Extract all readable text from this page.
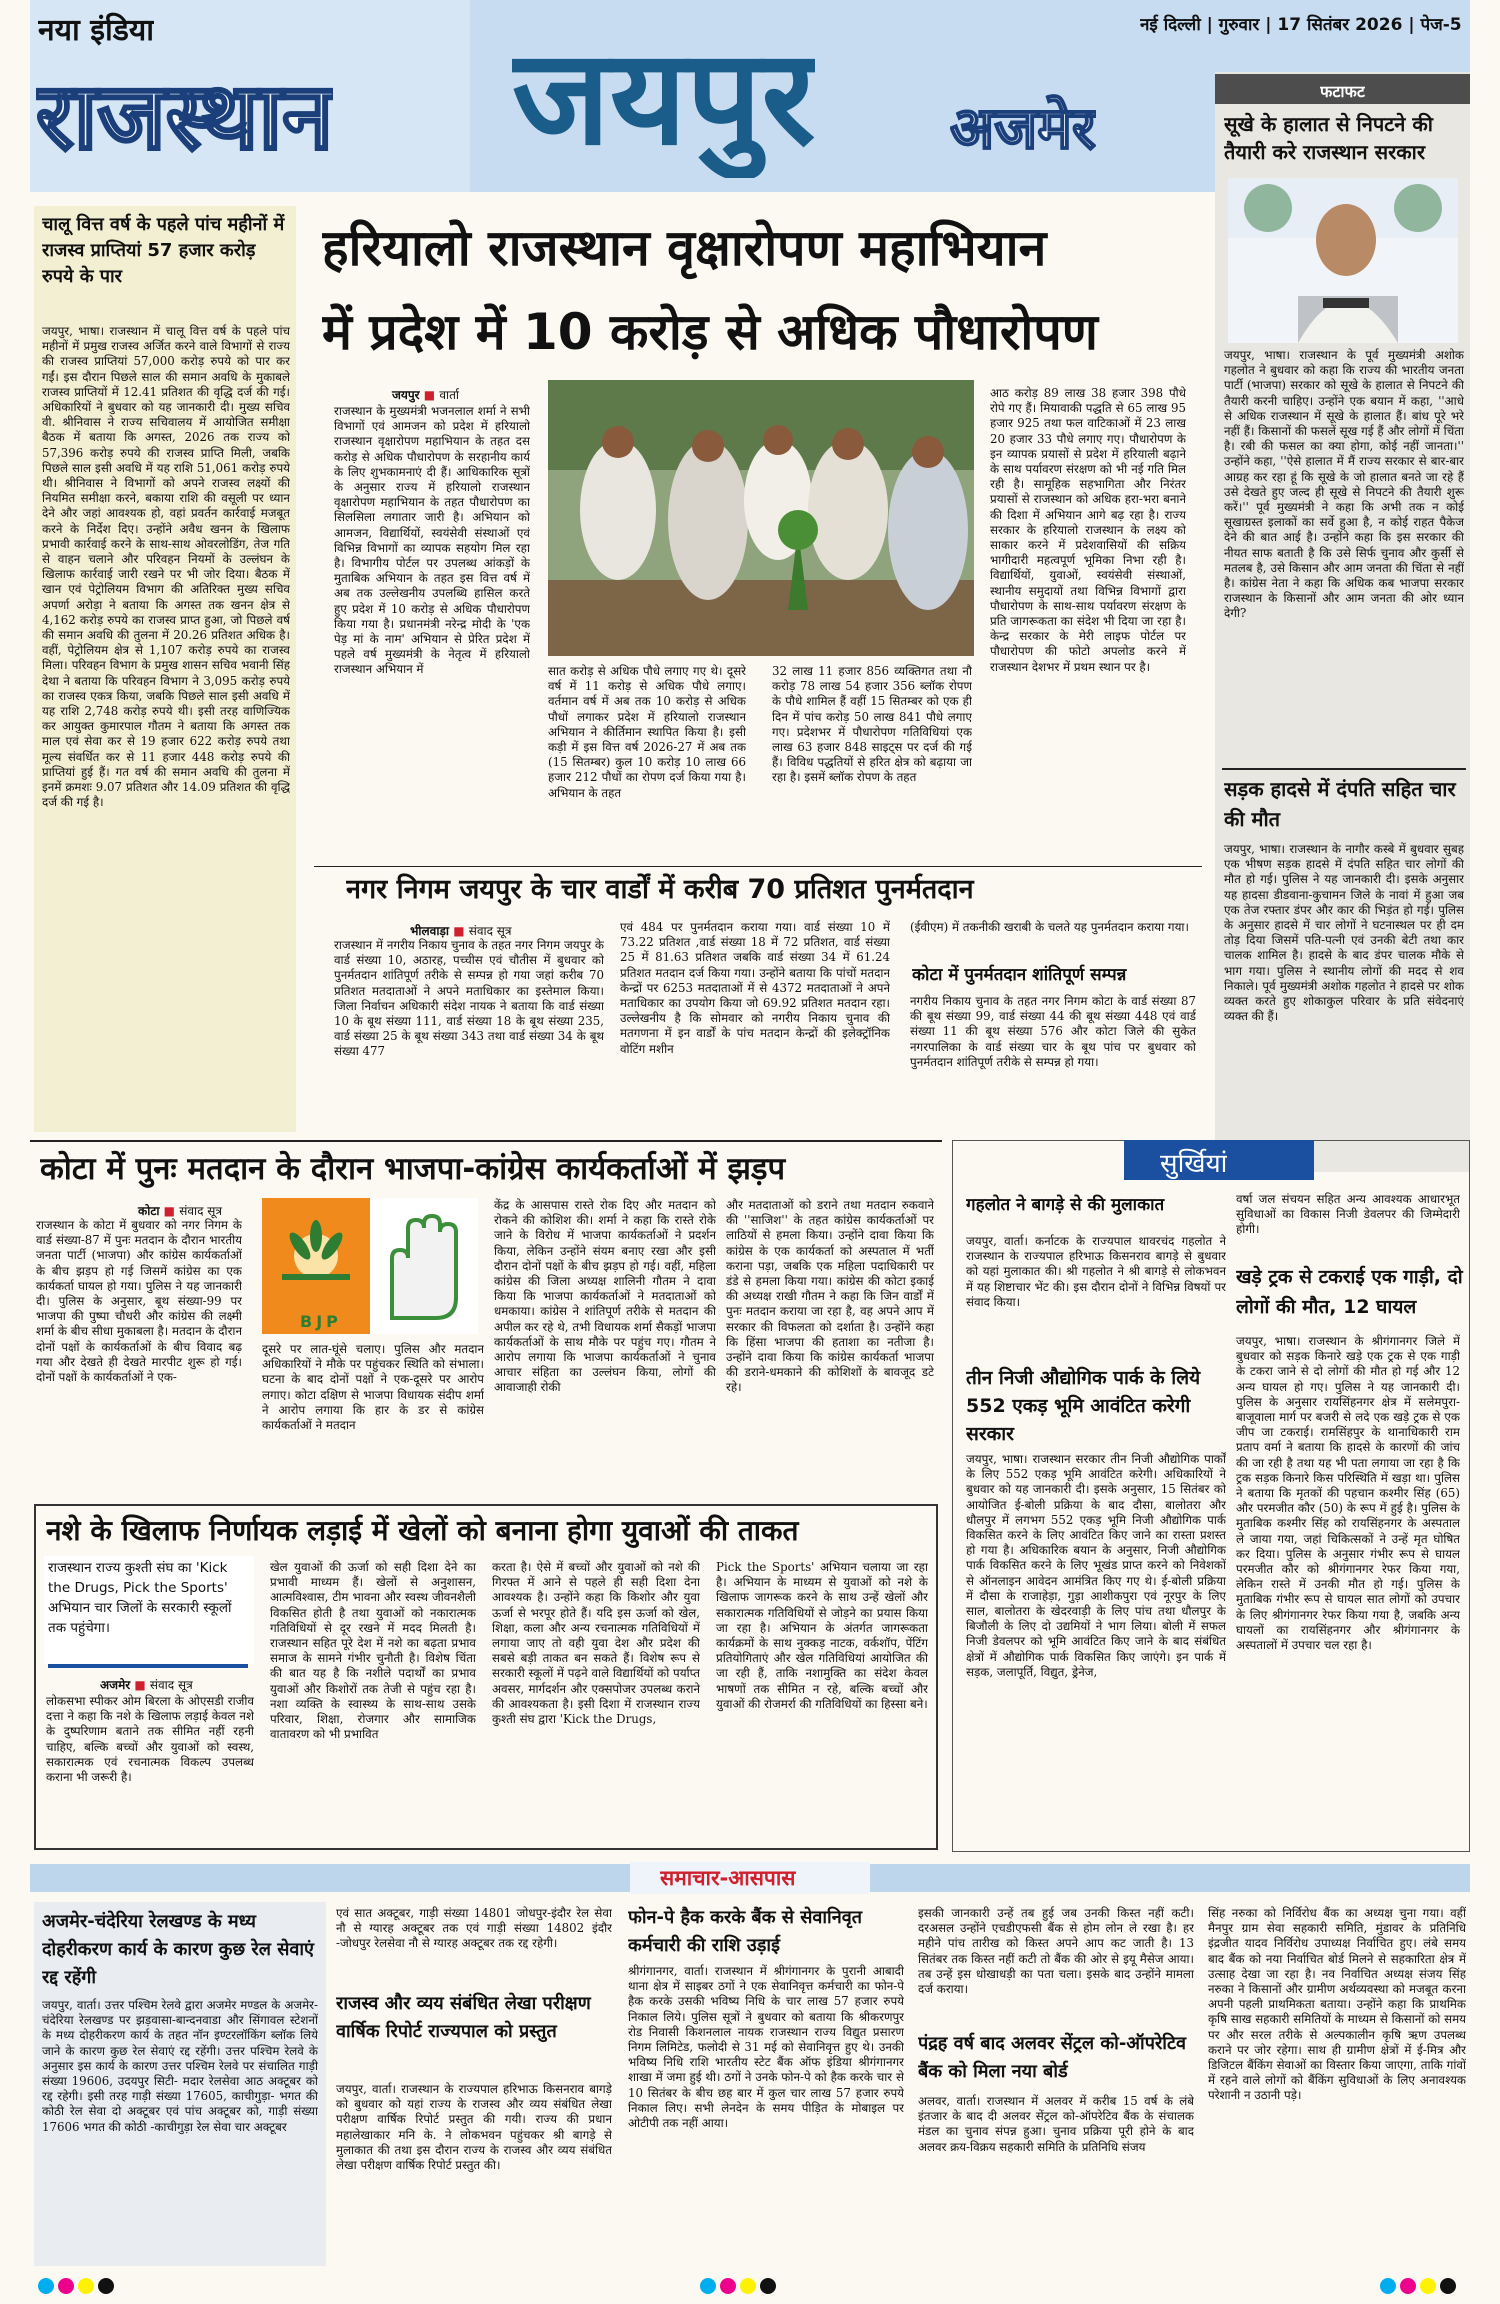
नया इंडिया
राजस्थान जयपुर अजमेर
नई दिल्ली | गुरुवार | 17 सितंबर 2026 | पेज-5
फटाफट
सूखे के हालात से निपटने की तैयारी करे राजस्थान सरकार
जयपुर, भाषा। राजस्थान के पूर्व मुख्यमंत्री अशोक गहलोत ने बुधवार को कहा कि राज्य की भारतीय जनता पार्टी (भाजपा) सरकार को सूखे के हालात से निपटने की तैयारी करनी चाहिए। उन्होंने एक बयान में कहा, ''आधे से अधिक राजस्थान में सूखे के हालात हैं। बांध पूरे भरे नहीं हैं। किसानों की फसलें सूख गई हैं और लोगों में चिंता है। रबी की फसल का क्या होगा, कोई नहीं जानता।'' उन्होंने कहा, ''ऐसे हालात में मैं राज्य सरकार से बार-बार आग्रह कर रहा हूं कि सूखे के जो हालात बनते जा रहे हैं उसे देखते हुए जल्द ही सूखे से निपटने की तैयारी शुरू करें।'' पूर्व मुख्यमंत्री ने कहा कि अभी तक न कोई सूखाग्रस्त इलाकों का सर्वे हुआ है, न कोई राहत पैकेज देने की बात आई है। उन्होंने कहा कि इस सरकार की नीयत साफ बताती है कि उसे सिर्फ चुनाव और कुर्सी से मतलब है, उसे किसान और आम जनता की चिंता से नहीं है। कांग्रेस नेता ने कहा कि अधिक कब भाजपा सरकार राजस्थान के किसानों और आम जनता की ओर ध्यान देगी?
सड़क हादसे में दंपति सहित चार की मौत
जयपुर, भाषा। राजस्थान के नागौर कस्बे में बुधवार सुबह एक भीषण सड़क हादसे में दंपति सहित चार लोगों की मौत हो गई। पुलिस ने यह जानकारी दी। इसके अनुसार यह हादसा डीडवाना-कुचामन जिले के नावां में हुआ जब एक तेज रफ्तार डंपर और कार की भिड़ंत हो गई। पुलिस के अनुसार हादसे में चार लोगों ने घटनास्थल पर ही दम तोड़ दिया जिसमें पति-पत्नी एवं उनकी बेटी तथा कार चालक शामिल है। हादसे के बाद डंपर चालक मौके से भाग गया। पुलिस ने स्थानीय लोगों की मदद से शव निकाले। पूर्व मुख्यमंत्री अशोक गहलोत ने हादसे पर शोक व्यक्त करते हुए शोकाकुल परिवार के प्रति संवेदनाएं व्यक्त की हैं।
चालू वित्त वर्ष के पहले पांच महीनों में राजस्व प्राप्तियां 57 हजार करोड़ रुपये के पार
जयपुर, भाषा। राजस्थान में चालू वित्त वर्ष के पहले पांच महीनों में प्रमुख राजस्व अर्जित करने वाले विभागों से राज्य की राजस्व प्राप्तियां 57,000 करोड़ रुपये को पार कर गईं। इस दौरान पिछले साल की समान अवधि के मुकाबले राजस्व प्राप्तियों में 12.41 प्रतिशत की वृद्धि दर्ज की गई। अधिकारियों ने बुधवार को यह जानकारी दी। मुख्य सचिव वी. श्रीनिवास ने राज्य सचिवालय में आयोजित समीक्षा बैठक में बताया कि अगस्त, 2026 तक राज्य को 57,396 करोड़ रुपये की राजस्व प्राप्ति मिली, जबकि पिछले साल इसी अवधि में यह राशि 51,061 करोड़ रुपये थी। श्रीनिवास ने विभागों को अपने राजस्व लक्ष्यों की नियमित समीक्षा करने, बकाया राशि की वसूली पर ध्यान देने और जहां आवश्यक हो, वहां प्रवर्तन कार्रवाई मजबूत करने के निर्देश दिए। उन्होंने अवैध खनन के खिलाफ प्रभावी कार्रवाई करने के साथ-साथ ओवरलोडिंग, तेज गति से वाहन चलाने और परिवहन नियमों के उल्लंघन के खिलाफ कार्रवाई जारी रखने पर भी जोर दिया। बैठक में खान एवं पेट्रोलियम विभाग की अतिरिक्त मुख्य सचिव अपर्णा अरोड़ा ने बताया कि अगस्त तक खनन क्षेत्र से 4,162 करोड़ रुपये का राजस्व प्राप्त हुआ, जो पिछले वर्ष की समान अवधि की तुलना में 20.26 प्रतिशत अधिक है। वहीं, पेट्रोलियम क्षेत्र से 1,107 करोड़ रुपये का राजस्व मिला। परिवहन विभाग के प्रमुख शासन सचिव भवानी सिंह देथा ने बताया कि परिवहन विभाग ने 3,095 करोड़ रुपये का राजस्व एकत्र किया, जबकि पिछले साल इसी अवधि में यह राशि 2,748 करोड़ रुपये थी। इसी तरह वाणिज्यिक कर आयुक्त कुमारपाल गौतम ने बताया कि अगस्त तक माल एवं सेवा कर से 19 हजार 622 करोड़ रुपये तथा मूल्य संवर्धित कर से 11 हजार 448 करोड़ रुपये की प्राप्तियां हुई हैं। गत वर्ष की समान अवधि की तुलना में इनमें क्रमशः 9.07 प्रतिशत और 14.09 प्रतिशत की वृद्धि दर्ज की गई है।
हरियालो राजस्थान वृक्षारोपण महाभियान
में प्रदेश में 10 करोड़ से अधिक पौधारोपण
जयपुर ■ वार्ता
राजस्थान के मुख्यमंत्री भजनलाल शर्मा ने सभी विभागों एवं आमजन को प्रदेश में हरियालो राजस्थान वृक्षारोपण महाभियान के तहत दस करोड़ से अधिक पौधारोपण के सरहानीय कार्य के लिए शुभकामनाएं दी हैं। आधिकारिक सूत्रों के अनुसार राज्य में हरियालो राजस्थान वृक्षारोपण महाभियान के तहत पौधारोपण का सिलसिला लगातार जारी है। अभियान को आमजन, विद्यार्थियों, स्वयंसेवी संस्थाओं एवं विभिन्न विभागों का व्यापक सहयोग मिल रहा है। विभागीय पोर्टल पर उपलब्ध आंकड़ों के मुताबिक अभियान के तहत इस वित्त वर्ष में अब तक उल्लेखनीय उपलब्धि हासिल करते हुए प्रदेश में 10 करोड़ से अधिक पौधारोपण किया गया है। प्रधानमंत्री नरेन्द्र मोदी के 'एक पेड़ मां के नाम' अभियान से प्रेरित प्रदेश में पहले वर्ष मुख्यमंत्री के नेतृत्व में हरियालो राजस्थान अभियान में	सात करोड़ से अधिक पौधे लगाए गए थे। दूसरे वर्ष में 11 करोड़ से अधिक पौधे लगाए। वर्तमान वर्ष में अब तक 10 करोड़ से अधिक पौधों लगाकर प्रदेश में हरियालो राजस्थान अभियान ने कीर्तिमान स्थापित किया है। इसी कड़ी में इस वित्त वर्ष 2026-27 में अब तक (15 सितम्बर) कुल 10 करोड़ 10 लाख 66 हजार 212 पौधों का रोपण दर्ज किया गया है। अभियान के तहत
32 लाख 11 हजार 856 व्यक्तिगत तथा नौ करोड़ 78 लाख 54 हजार 356 ब्लॉक रोपण के पौधे शामिल हैं वहीं 15 सितम्बर को एक ही दिन में पांच करोड़ 50 लाख 841 पौधे लगाए गए। प्रदेशभर में पौधारोपण गतिविधियां एक लाख 63 हजार 848 साइट्स पर दर्ज की गई हैं। विविध पद्धतियों से हरित क्षेत्र को बढ़ाया जा रहा है। इसमें ब्लॉक रोपण के तहत
आठ करोड़ 89 लाख 38 हजार 398 पौधे रोपे गए हैं। मियावाकी पद्धति से 65 लाख 95 हजार 925 तथा फल वाटिकाओं में 23 लाख 20 हजार 33 पौधे लगाए गए। पौधारोपण के इन व्यापक प्रयासों से प्रदेश में हरियाली बढ़ाने के साथ पर्यावरण संरक्षण को भी नई गति मिल रही है। सामूहिक सहभागिता और निरंतर प्रयासों से राजस्थान को अधिक हरा-भरा बनाने की दिशा में अभियान आगे बढ़ रहा है। राज्य सरकार के हरियालो राजस्थान के लक्ष्य को साकार करने में प्रदेशवासियों की सक्रिय भागीदारी महत्वपूर्ण भूमिका निभा रही है। विद्यार्थियों, युवाओं, स्वयंसेवी संस्थाओं, स्थानीय समुदायों तथा विभिन्न विभागों द्वारा पौधारोपण के साथ-साथ पर्यावरण संरक्षण के प्रति जागरूकता का संदेश भी दिया जा रहा है। केन्द्र सरकार के मेरी लाइफ पोर्टल पर पौधारोपण की फोटो अपलोड करने में राजस्थान देशभर में प्रथम स्थान पर है।
नगर निगम जयपुर के चार वार्डों में करीब 70 प्रतिशत पुनर्मतदान
भीलवाड़ा ■ संवाद सूत्र
राजस्थान में नगरीय निकाय चुनाव के तहत नगर निगम जयपुर के वार्ड संख्या 10, अठारह, पच्चीस एवं चौतीस में बुधवार को पुनर्मतदान शांतिपूर्ण तरीके से सम्पन्न हो गया जहां करीब 70 प्रतिशत मतदाताओं ने अपने मताधिकार का इस्तेमाल किया। जिला निर्वाचन अधिकारी संदेश नायक ने बताया कि वार्ड संख्या 10 के बूथ संख्या 111, वार्ड संख्या 18 के बूथ संख्या 235, वार्ड संख्या 25 के बूथ संख्या 343 तथा वार्ड संख्या 34 के बूथ संख्या 477
एवं 484 पर पुनर्मतदान कराया गया। वार्ड संख्या 10 में 73.22 प्रतिशत ,वार्ड संख्या 18 में 72 प्रतिशत, वार्ड संख्या 25 में 81.63 प्रतिशत जबकि वार्ड संख्या 34 में 61.24 प्रतिशत मतदान दर्ज किया गया। उन्होंने बताया कि पांचों मतदान केन्द्रों पर 6253 मतदाताओं में से 4372 मतदाताओं ने अपने मताधिकार का उपयोग किया जो 69.92 प्रतिशत मतदान रहा। उल्लेखनीय है कि सोमवार को नगरीय निकाय चुनाव की मतगणना में इन वार्डों के पांच मतदान केन्द्रों की इलेक्ट्रॉनिक वोटिंग मशीन
(ईवीएम) में तकनीकी खराबी के चलते यह पुनर्मतदान कराया गया।
कोटा में पुनर्मतदान शांतिपूर्ण सम्पन्न
नगरीय निकाय चुनाव के तहत नगर निगम कोटा के वार्ड संख्या 87 की बूथ संख्या 99, वार्ड संख्या 44 की बूथ संख्या 448 एवं वार्ड संख्या 11 की बूथ संख्या 576 और कोटा जिले की सुकेत नगरपालिका के वार्ड संख्या चार के बूथ पांच पर बुधवार को पुनर्मतदान शांतिपूर्ण तरीके से सम्पन्न हो गया।
कोटा में पुनः मतदान के दौरान भाजपा-कांग्रेस कार्यकर्ताओं में झड़प
कोटा ■ संवाद सूत्र
राजस्थान के कोटा में बुधवार को नगर निगम के वार्ड संख्या-87 में पुनः मतदान के दौरान भारतीय जनता पार्टी (भाजपा) और कांग्रेस कार्यकर्ताओं के बीच झड़प हो गई जिसमें कांग्रेस का एक कार्यकर्ता घायल हो गया। पुलिस ने यह जानकारी दी। पुलिस के अनुसार, बूथ संख्या-99 पर भाजपा की पुष्पा चौधरी और कांग्रेस की लक्ष्मी शर्मा के बीच सीधा मुकाबला है। मतदान के दौरान दोनों पक्षों के कार्यकर्ताओं के बीच विवाद बढ़ गया और देखते ही देखते मारपीट शुरू हो गई। दोनों पक्षों के कार्यकर्ताओं ने एक-
BJP
दूसरे पर लात-घूंसे चलाए। पुलिस और मतदान अधिकारियों ने मौके पर पहुंचकर स्थिति को संभाला। घटना के बाद दोनों पक्षों ने एक-दूसरे पर आरोप लगाए। कोटा दक्षिण से भाजपा विधायक संदीप शर्मा ने आरोप लगाया कि हार के डर से कांग्रेस कार्यकर्ताओं ने मतदान
केंद्र के आसपास रास्ते रोक दिए और मतदान को रोकने की कोशिश की। शर्मा ने कहा कि रास्ते रोके जाने के विरोध में भाजपा कार्यकर्ताओं ने प्रदर्शन किया, लेकिन उन्होंने संयम बनाए रखा और इसी दौरान दोनों पक्षों के बीच झड़प हो गई। वहीं, महिला कांग्रेस की जिला अध्यक्ष शालिनी गौतम ने दावा किया कि भाजपा कार्यकर्ताओं ने मतदाताओं को धमकाया। कांग्रेस ने शांतिपूर्ण तरीके से मतदान की अपील कर रहे थे, तभी विधायक शर्मा सैकड़ों भाजपा कार्यकर्ताओं के साथ मौके पर पहुंच गए। गौतम ने आरोप लगाया कि भाजपा कार्यकर्ताओं ने चुनाव आचार संहिता का उल्लंघन किया, लोगों की आवाजाही रोकी
और मतदाताओं को डराने तथा मतदान रुकवाने की ''साजिश'' के तहत कांग्रेस कार्यकर्ताओं पर लाठियों से हमला किया। उन्होंने दावा किया कि कांग्रेस के एक कार्यकर्ता को अस्पताल में भर्ती कराना पड़ा, जबकि एक महिला पदाधिकारी पर डंडे से हमला किया गया। कांग्रेस की कोटा इकाई की अध्यक्ष राखी गौतम ने कहा कि जिन वार्डों में पुनः मतदान कराया जा रहा है, वह अपने आप में सरकार की विफलता को दर्शाता है। उन्होंने कहा कि हिंसा भाजपा की हताशा का नतीजा है। उन्होंने दावा किया कि कांग्रेस कार्यकर्ता भाजपा की डराने-धमकाने की कोशिशों के बावजूद डटे रहे।
नशे के खिलाफ निर्णायक लड़ाई में खेलों को बनाना होगा युवाओं की ताकत
राजस्थान राज्य कुश्ती संघ का 'Kick the Drugs, Pick the Sports' अभियान चार जिलों के सरकारी स्कूलों तक पहुंचेगा।
अजमेर ■ संवाद सूत्र
लोकसभा स्पीकर ओम बिरला के ओएसडी राजीव दत्ता ने कहा कि नशे के खिलाफ लड़ाई केवल नशे के दुष्परिणाम बताने तक सीमित नहीं रहनी चाहिए, बल्कि बच्चों और युवाओं को स्वस्थ, सकारात्मक एवं रचनात्मक विकल्प उपलब्ध कराना भी जरूरी है।
खेल युवाओं की ऊर्जा को सही दिशा देने का प्रभावी माध्यम हैं। खेलों से अनुशासन, आत्मविश्वास, टीम भावना और स्वस्थ जीवनशैली विकसित होती है तथा युवाओं को नकारात्मक गतिविधियों से दूर रखने में मदद मिलती है। राजस्थान सहित पूरे देश में नशे का बढ़ता प्रभाव समाज के सामने गंभीर चुनौती है। विशेष चिंता की बात यह है कि नशीले पदार्थों का प्रभाव युवाओं और किशोरों तक तेजी से पहुंच रहा है। नशा व्यक्ति के स्वास्थ्य के साथ-साथ उसके परिवार, शिक्षा, रोजगार और सामाजिक वातावरण को भी प्रभावित
करता है। ऐसे में बच्चों और युवाओं को नशे की गिरफ्त में आने से पहले ही सही दिशा देना आवश्यक है। उन्होंने कहा कि किशोर और युवा ऊर्जा से भरपूर होते हैं। यदि इस ऊर्जा को खेल, शिक्षा, कला और अन्य रचनात्मक गतिविधियों में लगाया जाए तो वही युवा देश और प्रदेश की सबसे बड़ी ताकत बन सकते हैं। विशेष रूप से सरकारी स्कूलों में पढ़ने वाले विद्यार्थियों को पर्याप्त अवसर, मार्गदर्शन और एक्सपोजर उपलब्ध कराने की आवश्यकता है। इसी दिशा में राजस्थान राज्य कुश्ती संघ द्वारा 'Kick the Drugs,
Pick the Sports' अभियान चलाया जा रहा है। अभियान के माध्यम से युवाओं को नशे के खिलाफ जागरूक करने के साथ उन्हें खेलों और सकारात्मक गतिविधियों से जोड़ने का प्रयास किया जा रहा है। अभियान के अंतर्गत जागरूकता कार्यक्रमों के साथ नुक्कड़ नाटक, वर्कशॉप, पेंटिंग प्रतियोगिताएं और खेल गतिविधियां आयोजित की जा रही हैं, ताकि नशामुक्ति का संदेश केवल भाषणों तक सीमित न रहे, बल्कि बच्चों और युवाओं की रोजमर्रा की गतिविधियों का हिस्सा बने।
सुर्खियां
गहलोत ने बागड़े से की मुलाकात
जयपुर, वार्ता। कर्नाटक के राज्यपाल थावरचंद गहलोत ने राजस्थान के राज्यपाल हरिभाऊ किसनराव बागड़े से बुधवार को यहां मुलाकात की। श्री गहलोत ने श्री बागड़े से लोकभवन में यह शिष्टाचार भेंट की। इस दौरान दोनों ने विभिन्न विषयों पर संवाद किया।
तीन निजी औद्योगिक पार्क के लिये 552 एकड़ भूमि आवंटित करेगी सरकार
जयपुर, भाषा। राजस्थान सरकार तीन निजी औद्योगिक पार्कों के लिए 552 एकड़ भूमि आवंटित करेगी। अधिकारियों ने बुधवार को यह जानकारी दी। इसके अनुसार, 15 सितंबर को आयोजित ई-बोली प्रक्रिया के बाद दौसा, बालोतरा और धौलपुर में लगभग 552 एकड़ भूमि निजी औद्योगिक पार्क विकसित करने के लिए आवंटित किए जाने का रास्ता प्रशस्त हो गया है। अधिकारिक बयान के अनुसार, निजी औद्योगिक पार्क विकसित करने के लिए भूखंड प्राप्त करने को निवेशकों से ऑनलाइन आवेदन आमंत्रित किए गए थे। ई-बोली प्रक्रिया में दौसा के राजाहेड़ा, गुड़ा आशीकपुरा एवं नूरपुर के लिए साल, बालोतरा के खेदरवाड़ी के लिए पांच तथा धौलपुर के बिजौली के लिए दो उद्यमियों ने भाग लिया। बोली में सफल निजी डेवलपर को भूमि आवंटित किए जाने के बाद संबंधित क्षेत्रों में औद्योगिक पार्क विकसित किए जाएंगे। इन पार्क में सड़क, जलापूर्ति, विद्युत, ड्रेनेज,
वर्षा जल संचयन सहित अन्य आवश्यक आधारभूत सुविधाओं का विकास निजी डेवलपर की जिम्मेदारी होगी।
खड़े ट्रक से टकराई एक गाड़ी, दो लोगों की मौत, 12 घायल
जयपुर, भाषा। राजस्थान के श्रीगंगानगर जिले में बुधवार को सड़क किनारे खड़े एक ट्रक से एक गाड़ी के टकरा जाने से दो लोगों की मौत हो गई और 12 अन्य घायल हो गए। पुलिस ने यह जानकारी दी। पुलिस के अनुसार रायसिंहनगर क्षेत्र में सलेमपुरा-बाजूवाला मार्ग पर बजरी से लदे एक खड़े ट्रक से एक जीप जा टकराई। रामसिंहपुर के थानाधिकारी राम प्रताप वर्मा ने बताया कि हादसे के कारणों की जांच की जा रही है तथा यह भी पता लगाया जा रहा है कि ट्रक सड़क किनारे किस परिस्थिति में खड़ा था। पुलिस ने बताया कि मृतकों की पहचान कश्मीर सिंह (65) और परमजीत कौर (50) के रूप में हुई है। पुलिस के मुताबिक कश्मीर सिंह को रायसिंहनगर के अस्पताल ले जाया गया, जहां चिकित्सकों ने उन्हें मृत घोषित कर दिया। पुलिस के अनुसार गंभीर रूप से घायल परमजीत कौर को श्रीगंगानगर रेफर किया गया, लेकिन रास्ते में उनकी मौत हो गई। पुलिस के मुताबिक गंभीर रूप से घायल सात लोगों को उपचार के लिए श्रीगंगानगर रेफर किया गया है, जबकि अन्य घायलों का रायसिंहनगर और श्रीगंगानगर के अस्पतालों में उपचार चल रहा है।
समाचार-आसपास
अजमेर-चंदेरिया रेलखण्ड के मध्य दोहरीकरण कार्य के कारण कुछ रेल सेवाएं रद्द रहेंगी
जयपुर, वार्ता। उत्तर पश्चिम रेलवे द्वारा अजमेर मण्डल के अजमेर-चंदेरिया रेलखण्ड पर झड़वासा-बान्दनवाडा और सिंगावल स्टेशनों के मध्य दोहरीकरण कार्य के तहत नॉन इण्टरलॉकिंग ब्लॉक लिये जाने के कारण कुछ रेल सेवाएं रद्द रहेंगी। उत्तर पश्चिम रेलवे के अनुसार इस कार्य के कारण उत्तर पश्चिम रेलवे पर संचालित गाड़ी संख्या 19606, उदयपुर सिटी- मदार रेलसेवा आठ अक्टूबर को रद्द रहेगी। इसी तरह गाड़ी संख्या 17605, काचीगुड़ा- भगत की कोठी रेल सेवा दो अक्टूबर एवं पांच अक्टूबर को, गाड़ी संख्या 17606 भगत की कोठी -काचीगुड़ा रेल सेवा चार अक्टूबर
एवं सात अक्टूबर, गाड़ी संख्या 14801 जोधपुर-इंदौर रेल सेवा नौ से ग्यारह अक्टूबर तक एवं गाड़ी संख्या 14802 इंदौर -जोधपुर रेलसेवा नौ से ग्यारह अक्टूबर तक रद्द रहेगी।
राजस्व और व्यय संबंधित लेखा परीक्षण वार्षिक रिपोर्ट राज्यपाल को प्रस्तुत
जयपुर, वार्ता। राजस्थान के राज्यपाल हरिभाऊ किसनराव बागड़े को बुधवार को यहां राज्य के राजस्व और व्यय संबंधित लेखा परीक्षण वार्षिक रिपोर्ट प्रस्तुत की गयी। राज्य की प्रधान महालेखाकार मनि के. ने लोकभवन पहुंचकर श्री बागड़े से मुलाकात की तथा इस दौरान राज्य के राजस्व और व्यय संबंधित लेखा परीक्षण वार्षिक रिपोर्ट प्रस्तुत की।
फोन-पे हैक करके बैंक से सेवानिवृत कर्मचारी की राशि उड़ाई
श्रीगंगानगर, वार्ता। राजस्थान में श्रीगंगानगर के पुरानी आबादी थाना क्षेत्र में साइबर ठगों ने एक सेवानिवृत्त कर्मचारी का फोन-पे हैक करके उसकी भविष्य निधि के चार लाख 57 हजार रुपये निकाल लिये। पुलिस सूत्रों ने बुधवार को बताया कि श्रीकरणपुर रोड निवासी किशनलाल नायक राजस्थान राज्य विद्युत प्रसारण निगम लिमिटेड, फलोदी से 31 मई को सेवानिवृत्त हुए थे। उनकी भविष्य निधि राशि भारतीय स्टेट बैंक ऑफ इंडिया श्रीगंगानगर शाखा में जमा हुई थी। ठगों ने उनके फोन-पे को हैक करके चार से 10 सितंबर के बीच छह बार में कुल चार लाख 57 हजार रुपये निकाल लिए। सभी लेनदेन के समय पीड़ित के मोबाइल पर ओटीपी तक नहीं आया।
इसकी जानकारी उन्हें तब हुई जब उनकी किस्त नहीं कटी। दरअसल उन्होंने एचडीएफसी बैंक से होम लोन ले रखा है। हर महीने पांच तारीख को किस्त अपने आप कट जाती है। 13 सितंबर तक किस्त नहीं कटी तो बैंक की ओर से इयू मैसेज आया। तब उन्हें इस धोखाधड़ी का पता चला। इसके बाद उन्होंने मामला दर्ज कराया।
पंद्रह वर्ष बाद अलवर सेंट्रल को-ऑपरेटिव बैंक को मिला नया बोर्ड
अलवर, वार्ता। राजस्थान में अलवर में करीब 15 वर्ष के लंबे इंतजार के बाद दी अलवर सेंट्रल को-ऑपरेटिव बैंक के संचालक मंडल का चुनाव संपन्न हुआ। चुनाव प्रक्रिया पूरी होने के बाद अलवर क्रय-विक्रय सहकारी समिति के प्रतिनिधि संजय
सिंह नरुका को निर्विरोध बैंक का अध्यक्ष चुना गया। वहीं मैनपुर ग्राम सेवा सहकारी समिति, मुंडावर के प्रतिनिधि इंद्रजीत यादव निर्विरोध उपाध्यक्ष निर्वाचित हुए। लंबे समय बाद बैंक को नया निर्वाचित बोर्ड मिलने से सहकारिता क्षेत्र में उत्साह देखा जा रहा है। नव निर्वाचित अध्यक्ष संजय सिंह नरुका ने किसानों और ग्रामीण अर्थव्यवस्था को मजबूत करना अपनी पहली प्राथमिकता बताया। उन्होंने कहा कि प्राथमिक कृषि साख सहकारी समितियों के माध्यम से किसानों को समय पर और सरल तरीके से अल्पकालीन कृषि ऋण उपलब्ध कराने पर जोर रहेगा। साथ ही ग्रामीण क्षेत्रों में ई-मित्र और डिजिटल बैंकिंग सेवाओं का विस्तार किया जाएगा, ताकि गांवों में रहने वाले लोगों को बैंकिंग सुविधाओं के लिए अनावश्यक परेशानी न उठानी पड़े।
